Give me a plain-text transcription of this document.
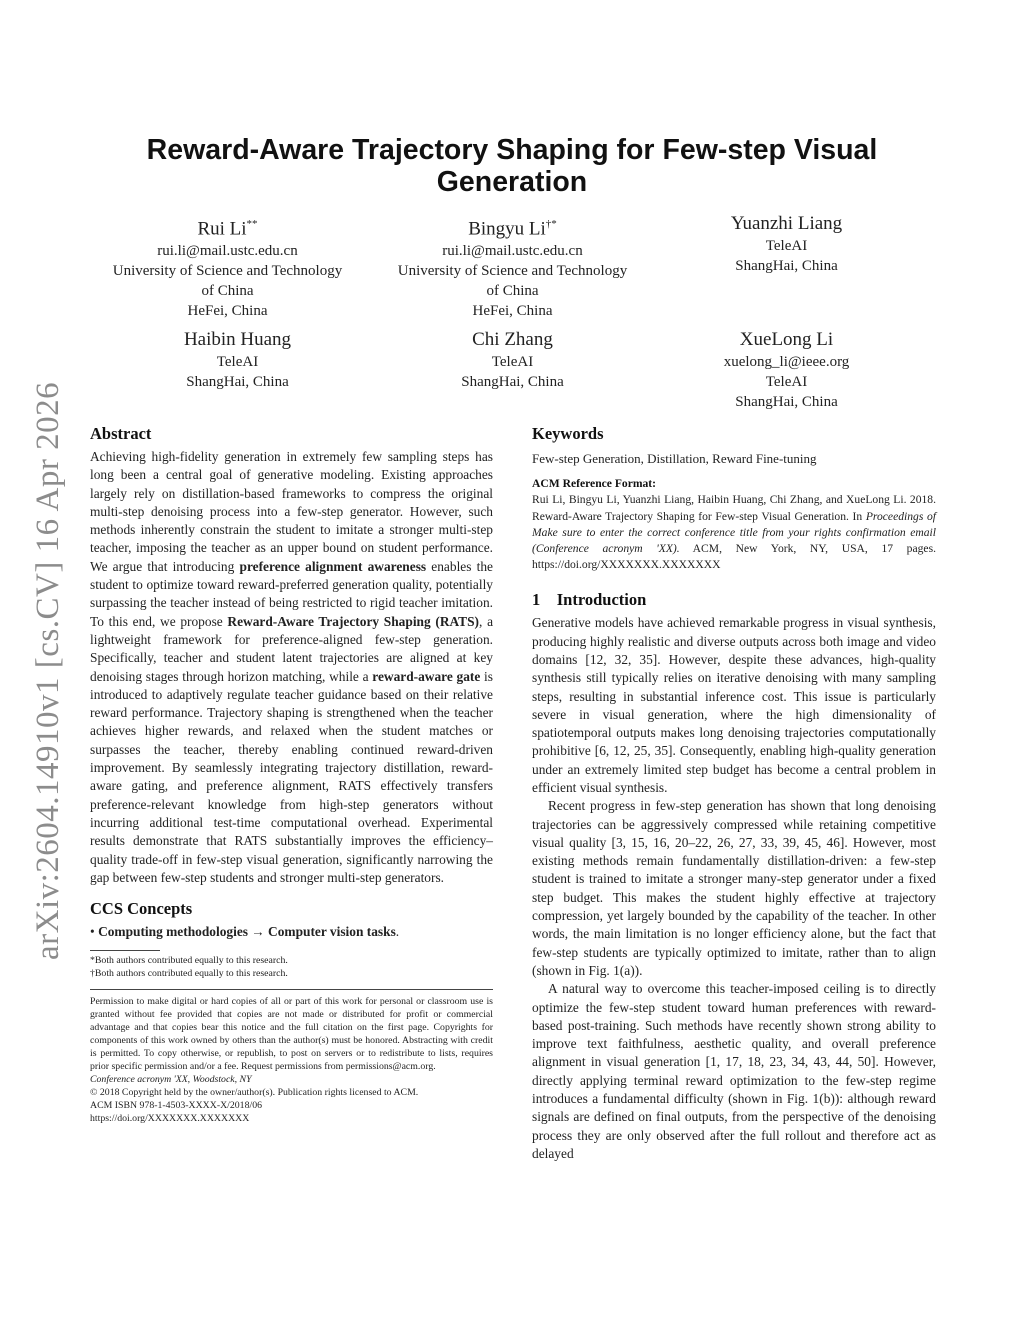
arXiv:2604.14910v1 [cs.CV] 16 Apr 2026
Reward-Aware Trajectory Shaping for Few-step Visual Generation
Rui Li**
rui.li@mail.ustc.edu.cn
University of Science and Technology
of China
HeFei, China
Bingyu Li†*
rui.li@mail.ustc.edu.cn
University of Science and Technology
of China
HeFei, China
Yuanzhi Liang
TeleAI
ShangHai, China
Haibin Huang
TeleAI
ShangHai, China
Chi Zhang
TeleAI
ShangHai, China
XueLong Li
xuelong_li@ieee.org
TeleAI
ShangHai, China
Abstract
Achieving high-fidelity generation in extremely few sampling steps has long been a central goal of generative modeling. Existing approaches largely rely on distillation-based frameworks to compress the original multi-step denoising process into a few-step generator. However, such methods inherently constrain the student to imitate a stronger multi-step teacher, imposing the teacher as an upper bound on student performance. We argue that introducing preference alignment awareness enables the student to optimize toward reward-preferred generation quality, potentially surpassing the teacher instead of being restricted to rigid teacher imitation. To this end, we propose Reward-Aware Trajectory Shaping (RATS), a lightweight framework for preference-aligned few-step generation. Specifically, teacher and student latent trajectories are aligned at key denoising stages through horizon matching, while a reward-aware gate is introduced to adaptively regulate teacher guidance based on their relative reward performance. Trajectory shaping is strengthened when the teacher achieves higher rewards, and relaxed when the student matches or surpasses the teacher, thereby enabling continued reward-driven improvement. By seamlessly integrating trajectory distillation, reward-aware gating, and preference alignment, RATS effectively transfers preference-relevant knowledge from high-step generators without incurring additional test-time computational overhead. Experimental results demonstrate that RATS substantially improves the efficiency–quality trade-off in few-step visual generation, significantly narrowing the gap between few-step students and stronger multi-step generators.
CCS Concepts
• Computing methodologies → Computer vision tasks.
*Both authors contributed equally to this research.
†Both authors contributed equally to this research.
Permission to make digital or hard copies of all or part of this work for personal or classroom use is granted without fee provided that copies are not made or distributed for profit or commercial advantage and that copies bear this notice and the full citation on the first page. Copyrights for components of this work owned by others than the author(s) must be honored. Abstracting with credit is permitted. To copy otherwise, or republish, to post on servers or to redistribute to lists, requires prior specific permission and/or a fee. Request permissions from permissions@acm.org.
Conference acronym 'XX, Woodstock, NY
© 2018 Copyright held by the owner/author(s). Publication rights licensed to ACM.
ACM ISBN 978-1-4503-XXXX-X/2018/06
https://doi.org/XXXXXXX.XXXXXXX
Keywords
Few-step Generation, Distillation, Reward Fine-tuning
ACM Reference Format:
Rui Li, Bingyu Li, Yuanzhi Liang, Haibin Huang, Chi Zhang, and XueLong Li. 2018. Reward-Aware Trajectory Shaping for Few-step Visual Generation. In Proceedings of Make sure to enter the correct conference title from your rights confirmation email (Conference acronym 'XX). ACM, New York, NY, USA, 17 pages. https://doi.org/XXXXXXX.XXXXXXX
1    Introduction
Generative models have achieved remarkable progress in visual synthesis, producing highly realistic and diverse outputs across both image and video domains [12, 32, 35]. However, despite these advances, high-quality synthesis still typically relies on iterative denoising with many sampling steps, resulting in substantial inference cost. This issue is particularly severe in visual generation, where the high dimensionality of spatiotemporal outputs makes long denoising trajectories computationally prohibitive [6, 12, 25, 35]. Consequently, enabling high-quality generation under an extremely limited step budget has become a central problem in efficient visual synthesis.
Recent progress in few-step generation has shown that long denoising trajectories can be aggressively compressed while retaining competitive visual quality [3, 15, 16, 20–22, 26, 27, 33, 39, 45, 46]. However, most existing methods remain fundamentally distillation-driven: a few-step student is trained to imitate a stronger many-step generator under a fixed step budget. This makes the student highly effective at trajectory compression, yet largely bounded by the capability of the teacher. In other words, the main limitation is no longer efficiency alone, but the fact that few-step students are typically optimized to imitate, rather than to align (shown in Fig. 1(a)).
A natural way to overcome this teacher-imposed ceiling is to directly optimize the few-step student toward human preferences with reward-based post-training. Such methods have recently shown strong ability to improve text faithfulness, aesthetic quality, and overall preference alignment in visual generation [1, 17, 18, 23, 34, 43, 44, 50]. However, directly applying terminal reward optimization to the few-step regime introduces a fundamental difficulty (shown in Fig. 1(b)): although reward signals are defined on final outputs, from the perspective of the denoising process they are only observed after the full rollout and therefore act as delayed
